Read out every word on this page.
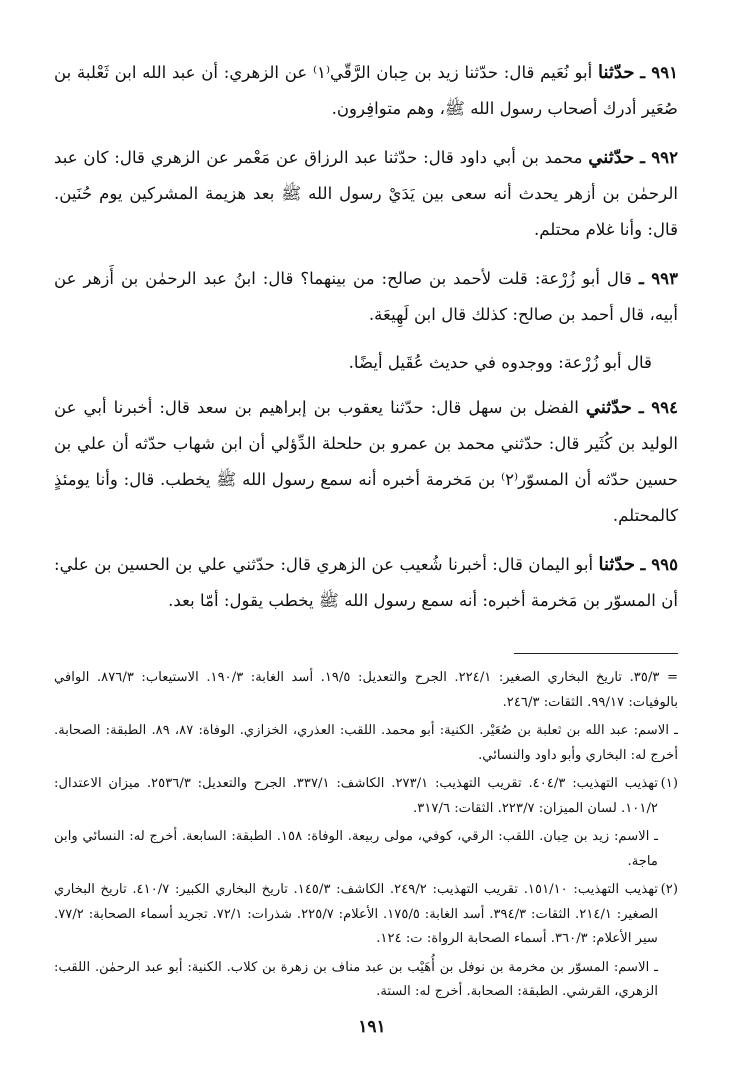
٩٩١ ـ حدّثنا أبو نُعَيم قال: حدّثنا زيد بن حِبان الرَّقّي⁽١⁾ عن الزهري: أن عبد الله ابن ثَعْلبة بن صُعَير أدرك أصحاب رسول الله ﷺ، وهم متوافِرون.

٩٩٢ ـ حدّثني محمد بن أبي داود قال: حدّثنا عبد الرزاق عن مَعْمر عن الزهري قال: كان عبد الرحمٰن بن أزهر يحدث أنه سعى بين يَدَيْ رسول الله ﷺ بعد هزيمة المشركين يوم حُنَين. قال: وأنا غلام محتلم.

٩٩٣ ـ قال أبو زُرْعة: قلت لأحمد بن صالح: من بينهما؟ قال: ابنُ عبد الرحمٰن بن أَزهر عن أبيه، قال أحمد بن صالح: كذلك قال ابن لَهِيعَة.

قال أبو زُرْعة: ووجدوه في حديث عُقَيل أيضًا.

٩٩٤ ـ حدّثني الفضل بن سهل قال: حدّثنا يعقوب بن إبراهيم بن سعد قال: أخبرنا أبي عن الوليد بن كُثَير قال: حدّثني محمد بن عمرو بن حلحلة الدِّؤلي أن ابن شهاب حدّثه أن علي بن حسين حدّثه أن المسوّر⁽٢⁾ بن مَخرمة أخبره أنه سمع رسول الله ﷺ يخطب. قال: وأنا يومئذٍ كالمحتلم.

٩٩٥ ـ حدّثنا أبو اليمان قال: أخبرنا شُعيب عن الزهري قال: حدّثني علي بن الحسين بن علي: أن المسوّر بن مَخرمة أخبره: أنه سمع رسول الله ﷺ يخطب يقول: أمّا بعد.

= ٣٥/٣. تاريخ البخاري الصغير: ٢٢٤/١. الجرح والتعديل: ١٩/٥. أسد الغابة: ١٩٠/٣. الاستيعاب: ٨٧٦/٣. الوافي بالوفيات: ٩٩/١٧. الثقات: ٢٤٦/٣.

ـ الاسم: عبد الله بن ثعلبة بن صُعَيْر. الكنية: أبو محمد. اللقب: العذري، الخزازي. الوفاة: ٨٧، ٨٩. الطبقة: الصحابة. أخرج له: البخاري وأبو داود والنسائي.

(١)

تهذيب التهذيب: ٤٠٤/٣. تقريب التهذيب: ٢٧٣/١. الكاشف: ٣٣٧/١. الجرح والتعديل: ٢٥٣٦/٣. ميزان الاعتدال: ١٠١/٢. لسان الميزان: ٢٢٣/٧. الثقات: ٣١٧/٦.

ـ الاسم: زيد بن حِبان. اللقب: الرقي، كوفي، مولى ربيعة. الوفاة: ١٥٨. الطبقة: السابعة. أخرج له: النسائي وابن ماجة.

(٢)

تهذيب التهذيب: ١٥١/١٠. تقريب التهذيب: ٢٤٩/٢. الكاشف: ١٤٥/٣. تاريخ البخاري الكبير: ٤١٠/٧. تاريخ البخاري الصغير: ٢١٤/١. الثقات: ٣٩٤/٣. أسد الغابة: ١٧٥/٥. الأعلام: ٢٢٥/٧. شذرات: ٧٢/١. تجريد أسماء الصحابة: ٧٧/٢. سير الأعلام: ٣٦٠/٣. أسماء الصحابة الرواة: ت: ١٢٤.

ـ الاسم: المسوّر بن مخرمة بن نوفل بن أُهَيْب بن عبد مناف بن زهرة بن كلاب. الكنية: أبو عبد الرحمٰن. اللقب: الزهري، القرشي. الطبقة: الصحابة. أخرج له: الستة.

١٩١
